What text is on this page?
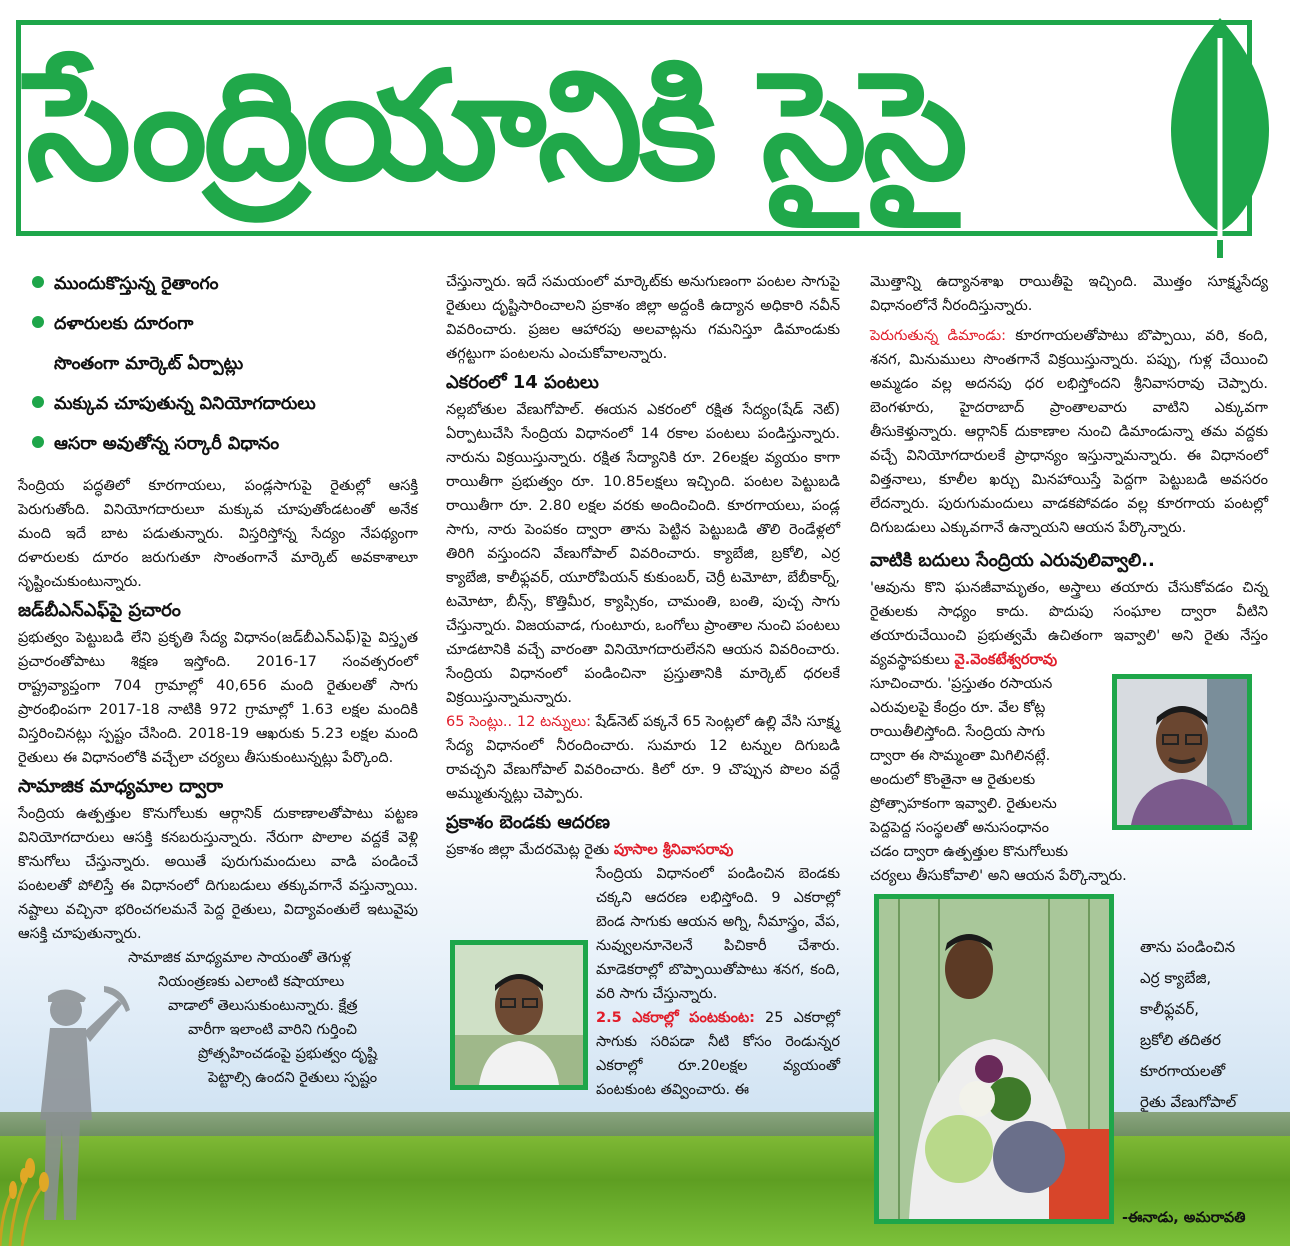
సేంద్రియానికి సైసై
ముందుకొస్తున్న రైతాంగం
దళారులకు దూరంగా
సొంతంగా మార్కెట్ ఏర్పాట్లు
మక్కువ చూపుతున్న వినియోగదారులు
ఆసరా అవుతోన్న సర్కారీ విధానం

సేంద్రియ పద్ధతిలో కూరగాయలు, పండ్లసాగుపై రైతుల్లో ఆసక్తి పెరుగుతోంది. వినియోగదారులూ మక్కువ చూపుతోండటంతో అనేక మంది ఇదే బాట పడుతున్నారు. విస్తరిస్తోన్న సేద్యం నేపథ్యంగా దళారులకు దూరం జరుగుతూ సొంతంగానే మార్కెట్ అవకాశాలూ సృష్టించుకుంటున్నారు.

జడ్‌బీఎన్ఎఫ్‌పై ప్రచారం

ప్రభుత్వం పెట్టుబడి లేని ప్రకృతి సేద్య విధానం(జడ్‌బీఎన్ఎఫ్)పై విస్తృత ప్రచారంతోపాటు శిక్షణ ఇస్తోంది. 2016-17 సంవత్సరంలో రాష్ట్రవ్యాప్తంగా 704 గ్రామాల్లో 40,656 మంది రైతులతో సాగు ప్రారంభింపగా 2017-18 నాటికి 972 గ్రామాల్లో 1.63 లక్షల మందికి విస్తరించినట్లు స్పష్టం చేసింది. 2018-19 ఆఖరుకు 5.23 లక్షల మంది రైతులు ఈ విధానంలోకి వచ్చేలా చర్యలు తీసుకుంటున్నట్లు పేర్కొంది.

సామాజిక మాధ్యమాల ద్వారా

సేంద్రియ ఉత్పత్తుల కొనుగోలుకు ఆర్గానిక్ దుకాణాలతోపాటు పట్టణ వినియోగదారులు ఆసక్తి కనబరుస్తున్నారు. నేరుగా పొలాల వద్దకే వెళ్లి కొనుగోలు చేస్తున్నారు. అయితే పురుగుమందులు వాడి పండించే పంటలతో పోలిస్తే ఈ విధానంలో దిగుబడులు తక్కువగానే వస్తున్నాయి. నష్టాలు వచ్చినా భరించగలమనే పెద్ద రైతులు, విద్యావంతులే ఇటువైపు ఆసక్తి చూపుతున్నారు.

సామాజిక మాధ్యమాల సాయంతో తెగుళ్ల
నియంత్రణకు ఎలాంటి కషాయాలు
వాడాలో తెలుసుకుంటున్నారు. క్షేత్ర
వారీగా ఇలాంటి వారిని గుర్తించి
ప్రోత్సహించడంపై ప్రభుత్వం దృష్టి
పెట్టాల్సి ఉందని రైతులు స్పష్టం

చేస్తున్నారు. ఇదే సమయంలో మార్కెట్‌కు అనుగుణంగా పంటల సాగుపై రైతులు దృష్టిసారించాలని ప్రకాశం జిల్లా అద్దంకి ఉద్యాన అధికారి నవీన్ వివరించారు. ప్రజల ఆహారపు అలవాట్లను గమనిస్తూ డిమాండుకు తగ్గట్టుగా పంటలను ఎంచుకోవాలన్నారు.

ఎకరంలో 14 పంటలు

నల్లబోతుల వేణుగోపాల్. ఈయన ఎకరంలో రక్షిత సేద్యం(షేడ్ నెట్) ఏర్పాటుచేసి సేంద్రియ విధానంలో 14 రకాల పంటలు పండిస్తున్నారు. నారును విక్రయిస్తున్నారు. రక్షిత సేద్యానికి రూ. 26లక్షల వ్యయం కాగా రాయితీగా ప్రభుత్వం రూ. 10.85లక్షలు ఇచ్చింది. పంటల పెట్టుబడి రాయితీగా రూ. 2.80 లక్షల వరకు అందించింది. కూరగాయలు, పండ్ల సాగు, నారు పెంపకం ద్వారా తాను పెట్టిన పెట్టుబడి తొలి రెండేళ్లలో తిరిగి వస్తుందని వేణుగోపాల్ వివరించారు. క్యాబేజి, బ్రకోలి, ఎర్ర క్యాబేజి, కాలీఫ్లవర్, యూరోపియన్ కుకుంబర్, చెర్రీ టమోటా, బేబీకార్న్, టమోటా, బీన్స్, కొత్తిమీర, క్యాప్సికం, చామంతి, బంతి, పుచ్చ సాగు చేస్తున్నారు. విజయవాడ, గుంటూరు, ఒంగోలు ప్రాంతాల నుంచి పంటలు చూడటానికి వచ్చే వారంతా వినియోగదారులేనని ఆయన వివరించారు. సేంద్రియ విధానంలో పండించినా ప్రస్తుతానికి మార్కెట్ ధరలకే విక్రయిస్తున్నామన్నారు.

65 సెంట్లు.. 12 టన్నులు: షేడ్‌నెట్ పక్కనే 65 సెంట్లలో ఉల్లి వేసి సూక్ష్మ సేద్య విధానంలో నీరందించారు. సుమారు 12 టన్నుల దిగుబడి రావచ్చని వేణుగోపాల్ వివరించారు. కిలో రూ. 9 చొప్పున పొలం వద్దే అమ్ముతున్నట్లు చెప్పారు.

ప్రకాశం బెండకు ఆదరణ

ప్రకాశం జిల్లా మేదరమెట్ల రైతు పూసాల శ్రీనివాసరావు

సేంద్రియ విధానంలో పండించిన బెండకు చక్కని ఆదరణ లభిస్తోంది. 9 ఎకరాల్లో బెండ సాగుకు ఆయన అగ్ని, నీమాస్త్రం, వేప, నువ్వులనూనెలనే పిచికారీ చేశారు. మాడెకరాల్లో బొప్పాయితోపాటు శనగ, కంది, వరి సాగు చేస్తున్నారు.

2.5 ఎకరాల్లో పంటకుంట: 25 ఎకరాల్లో సాగుకు సరిపడా నీటి కోసం రెండున్నర ఎకరాల్లో రూ.20లక్షల వ్యయంతో పంటకుంట తవ్వించారు. ఈ

మొత్తాన్ని ఉద్యానశాఖ రాయితీపై ఇచ్చింది. మొత్తం సూక్ష్మసేద్య విధానంలోనే నీరందిస్తున్నారు.

పెరుగుతున్న డిమాండు: కూరగాయలతోపాటు బొప్పాయి, వరి, కంది, శనగ, మినుములు సొంతగానే విక్రయిస్తున్నారు. పప్పు, గుళ్ల చేయించి అమ్మడం వల్ల అదనపు ధర లభిస్తోందని శ్రీనివాసరావు చెప్పారు. బెంగళూరు, హైదరాబాద్ ప్రాంతాలవారు వాటిని ఎక్కువగా తీసుకెళ్తున్నారు. ఆర్గానిక్ దుకాణాల నుంచి డిమాండున్నా తమ వద్దకు వచ్చే వినియోగదారులకే ప్రాధాన్యం ఇస్తున్నామన్నారు. ఈ విధానంలో విత్తనాలు, కూలీల ఖర్చు మినహాయిస్తే పెద్దగా పెట్టుబడి అవసరం లేదన్నారు. పురుగుమందులు వాడకపోవడం వల్ల కూరగాయ పంటల్లో దిగుబడులు ఎక్కువగానే ఉన్నాయని ఆయన పేర్కొన్నారు.

వాటికి బదులు సేంద్రియ ఎరువులివ్వాలి..

'ఆవును కొని ఘనజీవామృతం, అస్త్రాలు తయారు చేసుకోవడం చిన్న రైతులకు సాధ్యం కాదు. పొదుపు సంఘాల ద్వారా వీటిని తయారుచేయించి ప్రభుత్వమే ఉచితంగా ఇవ్వాలి' అని రైతు నేస్తం వ్యవస్థాపకులు వై.వెంకటేశ్వరరావు

సూచించారు. 'ప్రస్తుతం రసాయన
ఎరువులపై కేంద్రం రూ. వేల కోట్ల
రాయితీలిస్తోంది. సేంద్రియ సాగు
ద్వారా ఈ సొమ్మంతా మిగిలినట్లే.
అందులో కొంతైనా ఆ రైతులకు
ప్రోత్సాహకంగా ఇవ్వాలి. రైతులను
పెద్దపెద్ద సంస్థలతో అనుసంధానం
చడం ద్వారా ఉత్పత్తుల కొనుగోలుకు
చర్యలు తీసుకోవాలి' అని ఆయన పేర్కొన్నారు.
తాను పండించిన
ఎర్ర క్యాబేజి,
కాలీఫ్లవర్,
బ్రకోలి తదితర
కూరగాయలతో
రైతు వేణుగోపాల్
-ఈనాడు, అమరావతి
